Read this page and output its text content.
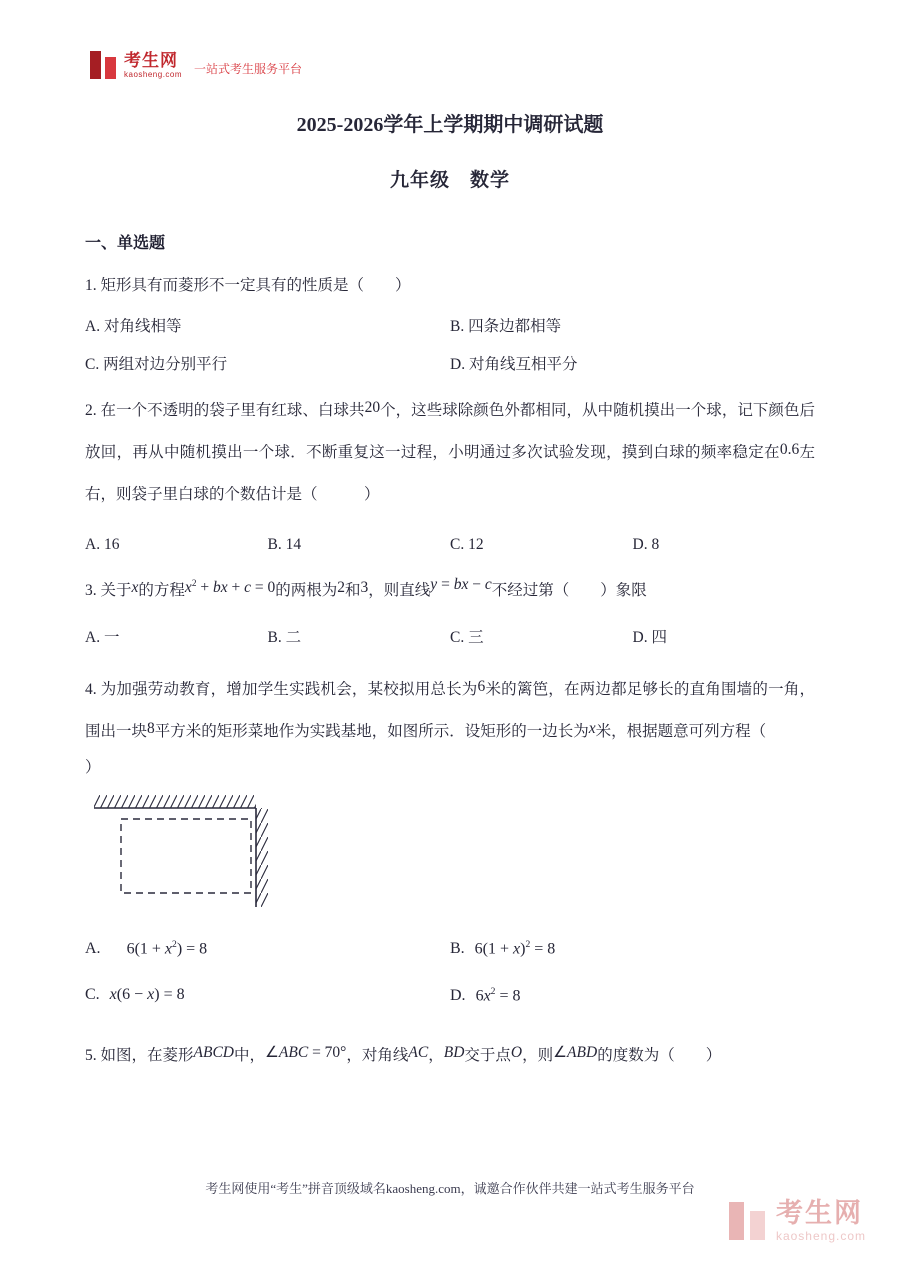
考生网
kaosheng.com 一站式考生服务平台
2025-2026学年上学期期中调研试题
九年级　数学
一、单选题
1. 矩形具有而菱形不一定具有的性质是（　　）
A. 对角线相等	B. 四条边都相等
C. 两组对边分别平行	D. 对角线互相平分
2. 在一个不透明的袋子里有红球、白球共20个，这些球除颜色外都相同，从中随机摸出一个球，记下颜色后放回，再从中随机摸出一个球．不断重复这一过程，小明通过多次试验发现，摸到白球的频率稳定在0.6左右，则袋子里白球的个数估计是（　　　）
A. 16	B. 14	C. 12	D. 8
3. 关于x的方程$x^2$ + bx + c = 0的两根为2和3，则直线y = bx − c不经过第（　　）象限
A. 一	B. 二	C. 三	D. 四
4. 为加强劳动教育，增加学生实践机会，某校拟用总长为6米的篱笆，在两边都足够长的直角围墙的一角，围出一块8平方米的矩形菜地作为实践基地，如图所示．设矩形的一边长为x米，根据题意可列方程（
）
A. $6(1 + x^2) = 8$	B. $6(1 + x)^2 = 8$
C. x(6 − x) = 8	D. $6x^2 = 8$
5. 如图，在菱形ABCD中，∠ABC = 70°，对角线AC，BD交于点O，则∠ABD的度数为（　　）
考生网使用“考生”拼音顶级域名kaosheng.com，诚邀合作伙伴共建一站式考生服务平台
考生网
kaosheng.com
